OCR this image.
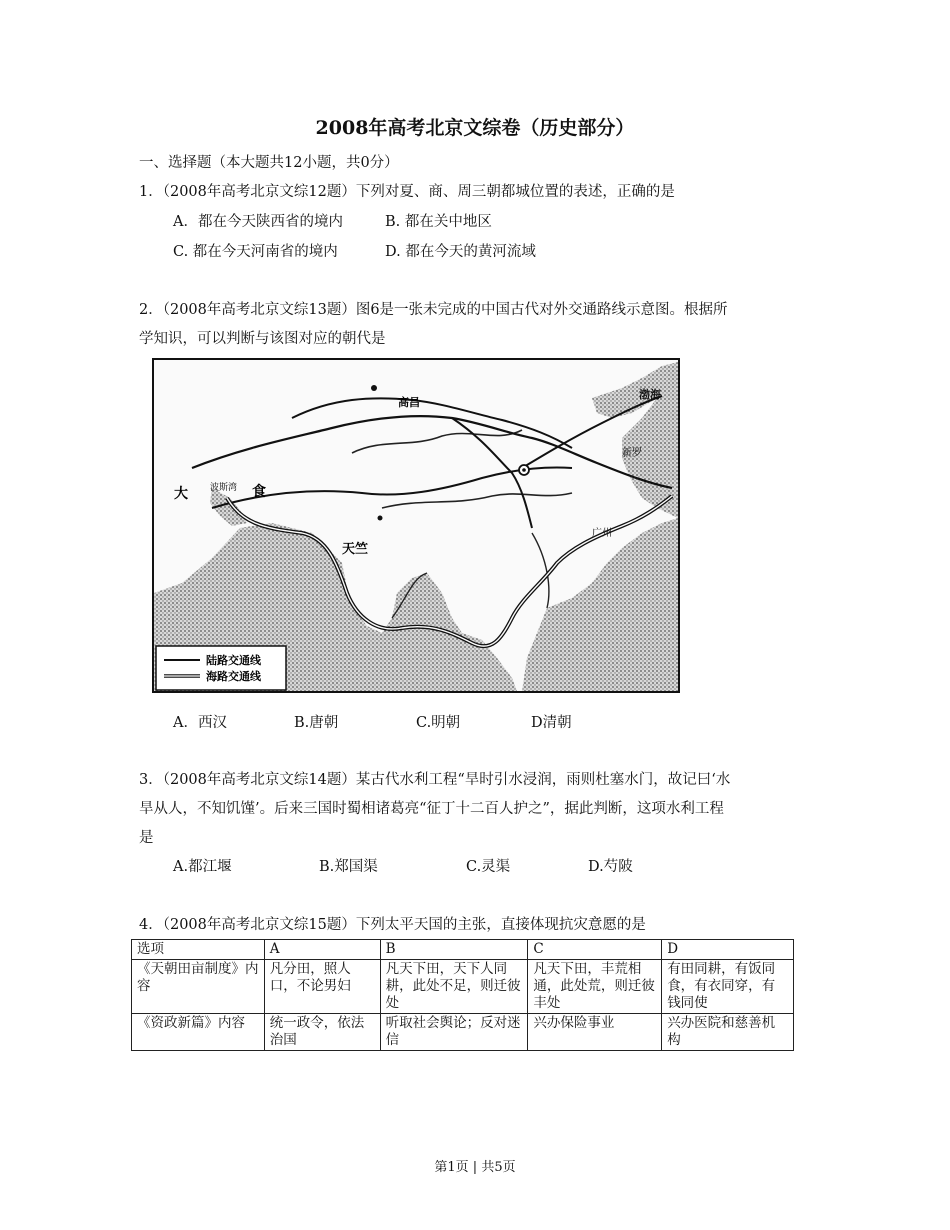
2008年高考北京文综卷（历史部分）
一、选择题（本大题共12小题，共0分）
1．（2008年高考北京文综12题）下列对夏、商、周三朝都城位置的表述，正确的是
A．都在今天陕西省的境内	B. 都在关中地区
C. 都在今天河南省的境内	D. 都在今天的黄河流域
2．（2008年高考北京文综13题）图6是一张未完成的中国古代对外交通路线示意图。根据所
学知识，可以判断与该图对应的朝代是
高昌
大	食
波斯湾
天竺
渤海
新罗
广州
陆路交通线
海路交通线
A．西汉	B.唐朝	C.明朝	D清朝
3．（2008年高考北京文综14题）某古代水利工程“旱时引水浸润，雨则杜塞水门，故记曰‘水
旱从人，不知饥馑’。后来三国时蜀相诸葛亮“征丁十二百人护之”，据此判断，这项水利工程
是
A.都江堰	B.郑国渠	C.灵渠	D.芍陂
4．（2008年高考北京文综15题）下列太平天国的主张，直接体现抗灾意愿的是
选项	A	B	C	D
《天朝田亩制度》内容	凡分田，照人口，不论男妇	凡天下田，天下人同耕，此处不足，则迁彼处	凡天下田，丰荒相通，此处荒，则迁彼丰处	有田同耕，有饭同食，有衣同穿，有钱同使
《资政新篇》内容	统一政令，依法治国	听取社会舆论；反对迷信	兴办保险事业	兴办医院和慈善机构
第1页 | 共5页
